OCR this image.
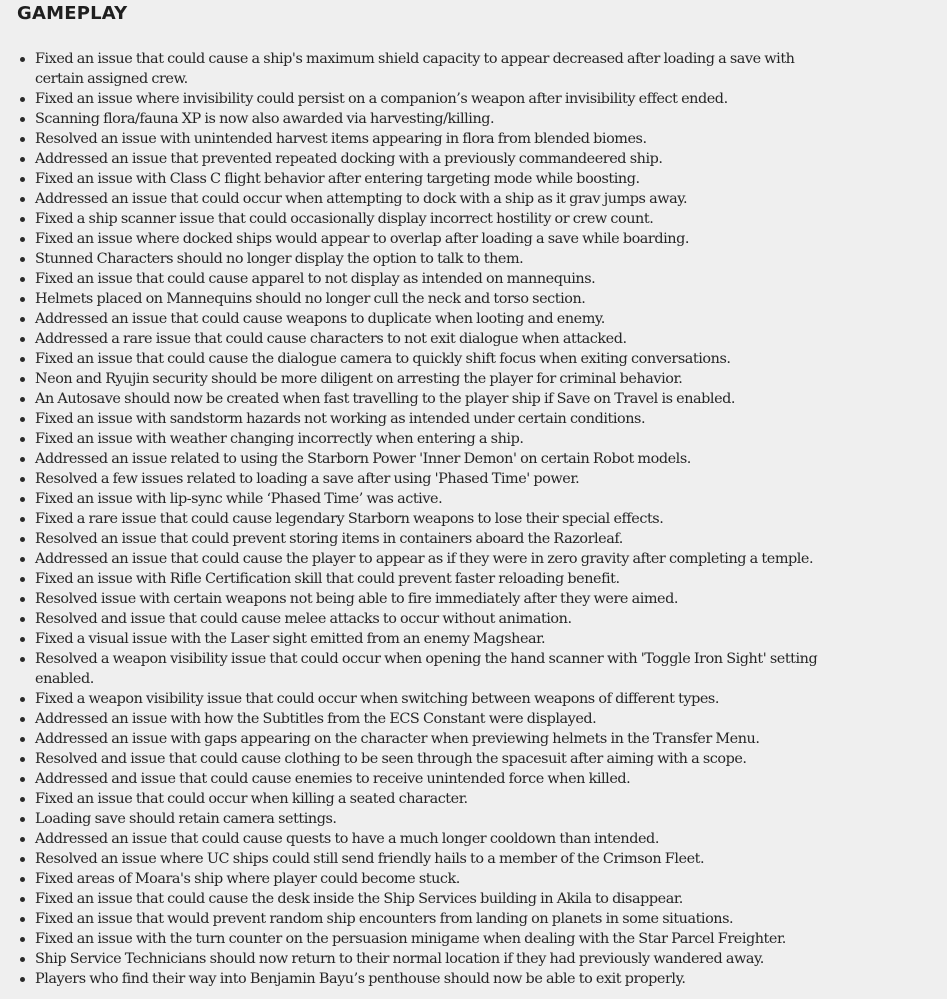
GAMEPLAY
Fixed an issue that could cause a ship's maximum shield capacity to appear decreased after loading a save with certain assigned crew.
Fixed an issue where invisibility could persist on a companion’s weapon after invisibility effect ended.
Scanning flora/fauna XP is now also awarded via harvesting/killing.
Resolved an issue with unintended harvest items appearing in flora from blended biomes.
Addressed an issue that prevented repeated docking with a previously commandeered ship.
Fixed an issue with Class C flight behavior after entering targeting mode while boosting.
Addressed an issue that could occur when attempting to dock with a ship as it grav jumps away.
Fixed a ship scanner issue that could occasionally display incorrect hostility or crew count.
Fixed an issue where docked ships would appear to overlap after loading a save while boarding.
Stunned Characters should no longer display the option to talk to them.
Fixed an issue that could cause apparel to not display as intended on mannequins.
Helmets placed on Mannequins should no longer cull the neck and torso section.
Addressed an issue that could cause weapons to duplicate when looting and enemy.
Addressed a rare issue that could cause characters to not exit dialogue when attacked.
Fixed an issue that could cause the dialogue camera to quickly shift focus when exiting conversations.
Neon and Ryujin security should be more diligent on arresting the player for criminal behavior.
An Autosave should now be created when fast travelling to the player ship if Save on Travel is enabled.
Fixed an issue with sandstorm hazards not working as intended under certain conditions.
Fixed an issue with weather changing incorrectly when entering a ship.
Addressed an issue related to using the Starborn Power 'Inner Demon' on certain Robot models.
Resolved a few issues related to loading a save after using 'Phased Time' power.
Fixed an issue with lip-sync while ‘Phased Time’ was active.
Fixed a rare issue that could cause legendary Starborn weapons to lose their special effects.
Resolved an issue that could prevent storing items in containers aboard the Razorleaf.
Addressed an issue that could cause the player to appear as if they were in zero gravity after completing a temple.
Fixed an issue with Rifle Certification skill that could prevent faster reloading benefit.
Resolved issue with certain weapons not being able to fire immediately after they were aimed.
Resolved and issue that could cause melee attacks to occur without animation.
Fixed a visual issue with the Laser sight emitted from an enemy Magshear.
Resolved a weapon visibility issue that could occur when opening the hand scanner with 'Toggle Iron Sight' setting enabled.
Fixed a weapon visibility issue that could occur when switching between weapons of different types.
Addressed an issue with how the Subtitles from the ECS Constant were displayed.
Addressed an issue with gaps appearing on the character when previewing helmets in the Transfer Menu.
Resolved and issue that could cause clothing to be seen through the spacesuit after aiming with a scope.
Addressed and issue that could cause enemies to receive unintended force when killed.
Fixed an issue that could occur when killing a seated character.
Loading save should retain camera settings.
Addressed an issue that could cause quests to have a much longer cooldown than intended.
Resolved an issue where UC ships could still send friendly hails to a member of the Crimson Fleet.
Fixed areas of Moara's ship where player could become stuck.
Fixed an issue that could cause the desk inside the Ship Services building in Akila to disappear.
Fixed an issue that would prevent random ship encounters from landing on planets in some situations.
Fixed an issue with the turn counter on the persuasion minigame when dealing with the Star Parcel Freighter.
Ship Service Technicians should now return to their normal location if they had previously wandered away.
Players who find their way into Benjamin Bayu’s penthouse should now be able to exit properly.
